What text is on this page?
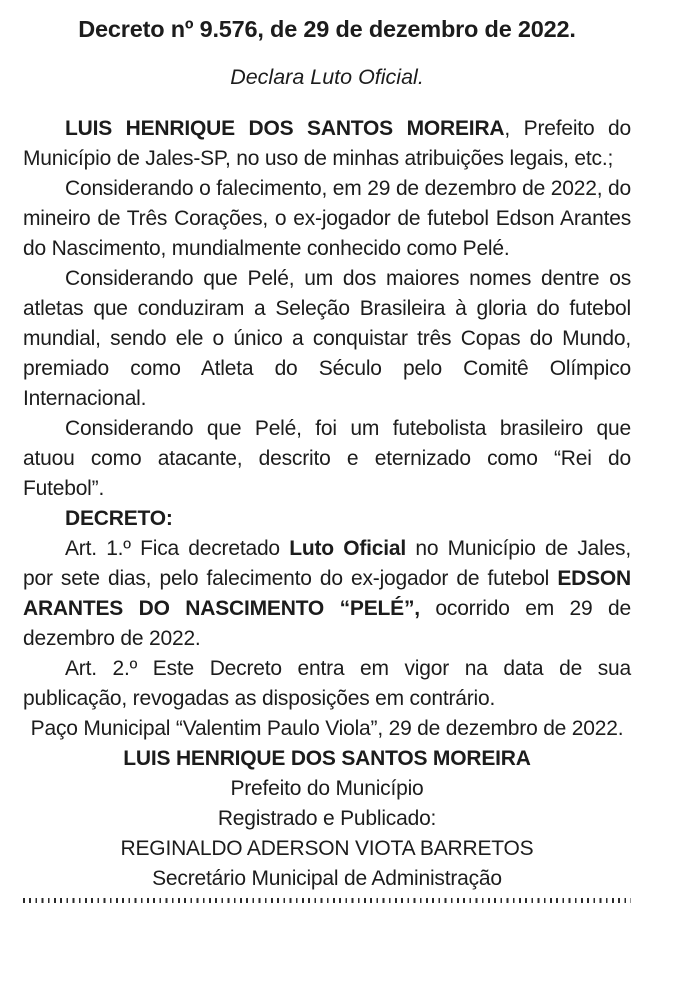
Decreto nº 9.576, de 29 de dezembro de 2022.

Declara Luto Oficial.

LUIS HENRIQUE DOS SANTOS MOREIRA, Prefeito do Município de Jales-SP, no uso de minhas atribuições legais, etc.;

Considerando o falecimento, em 29 de dezembro de 2022, do mineiro de Três Corações, o ex-jogador de futebol Edson Arantes do Nascimento, mundialmente conhecido como Pelé.

Considerando que Pelé, um dos maiores nomes dentre os atletas que conduziram a Seleção Brasileira à gloria do futebol mundial, sendo ele o único a conquistar três Copas do Mundo, premiado como Atleta do Século pelo Comitê Olímpico Internacional.

Considerando que Pelé, foi um futebolista brasileiro que atuou como atacante, descrito e eternizado como “Rei do Futebol”.

DECRETO:

Art. 1.º Fica decretado Luto Oficial no Município de Jales, por sete dias, pelo falecimento do ex-jogador de futebol EDSON ARANTES DO NASCIMENTO “PELÉ”, ocorrido em 29 de dezembro de 2022.

Art. 2.º Este Decreto entra em vigor na data de sua publicação, revogadas as disposições em contrário.

Paço Municipal “Valentim Paulo Viola”, 29 de dezembro de 2022.

LUIS HENRIQUE DOS SANTOS MOREIRA

Prefeito do Município

Registrado e Publicado:

REGINALDO ADERSON VIOTA BARRETOS

Secretário Municipal de Administração
